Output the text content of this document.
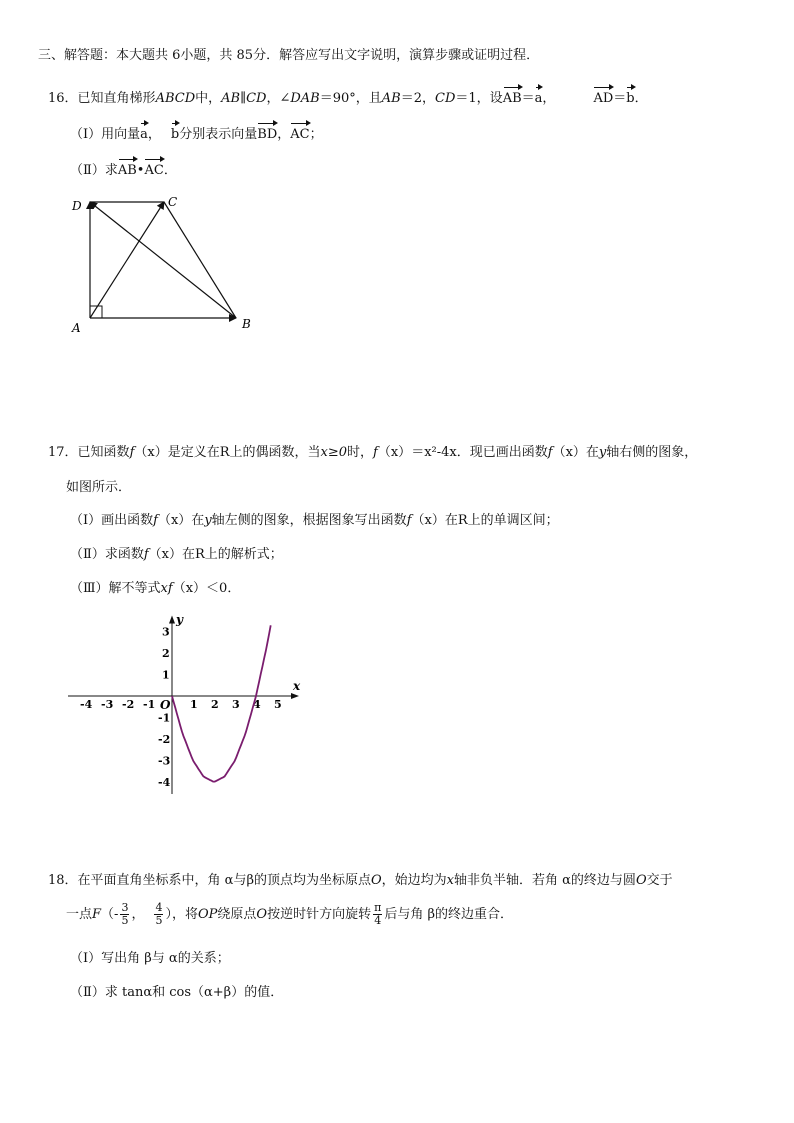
三、解答题：本大题共 6小题，共 85分．解答应写出文字说明，演算步骤或证明过程．
16．已知直角梯形ABCD中，AB∥CD，∠DAB＝90°，且AB＝2，CD＝1，设AB＝a，	AD＝b．
（Ⅰ）用向量a， b分别表示向量BD，AC；
（Ⅱ）求AB•AC．
D	C
A	B
17．已知函数f（x）是定义在R上的偶函数，当x≥0时，f（x）＝x²-4x．现已画出函数f（x）在y轴右侧的图象，
如图所示．
（Ⅰ）画出函数f（x）在y轴左侧的图象，根据图象写出函数f（x）在R上的单调区间；
（Ⅱ）求函数f（x）在R上的解析式；
（Ⅲ）解不等式xf（x）＜0．
-4 -3 -2 -1	1 2 3 4 5
3
2
1
-1
-2
-3
-4
x
y
O
18．在平面直角坐标系中，角 α与β的顶点均为坐标原点O，始边均为x轴非负半轴．若角 α的终边与圆O交于
一点$F(- \frac{3}{5}$ ， $\frac{4}{5}$ ），将OP绕原点O按逆时针方向旋转 $\frac{\pi}{4}$ 后与角 β的终边重合．
（Ⅰ）写出角 β与 α的关系；
（Ⅱ）求 tanα和 cos（α+β）的值．
